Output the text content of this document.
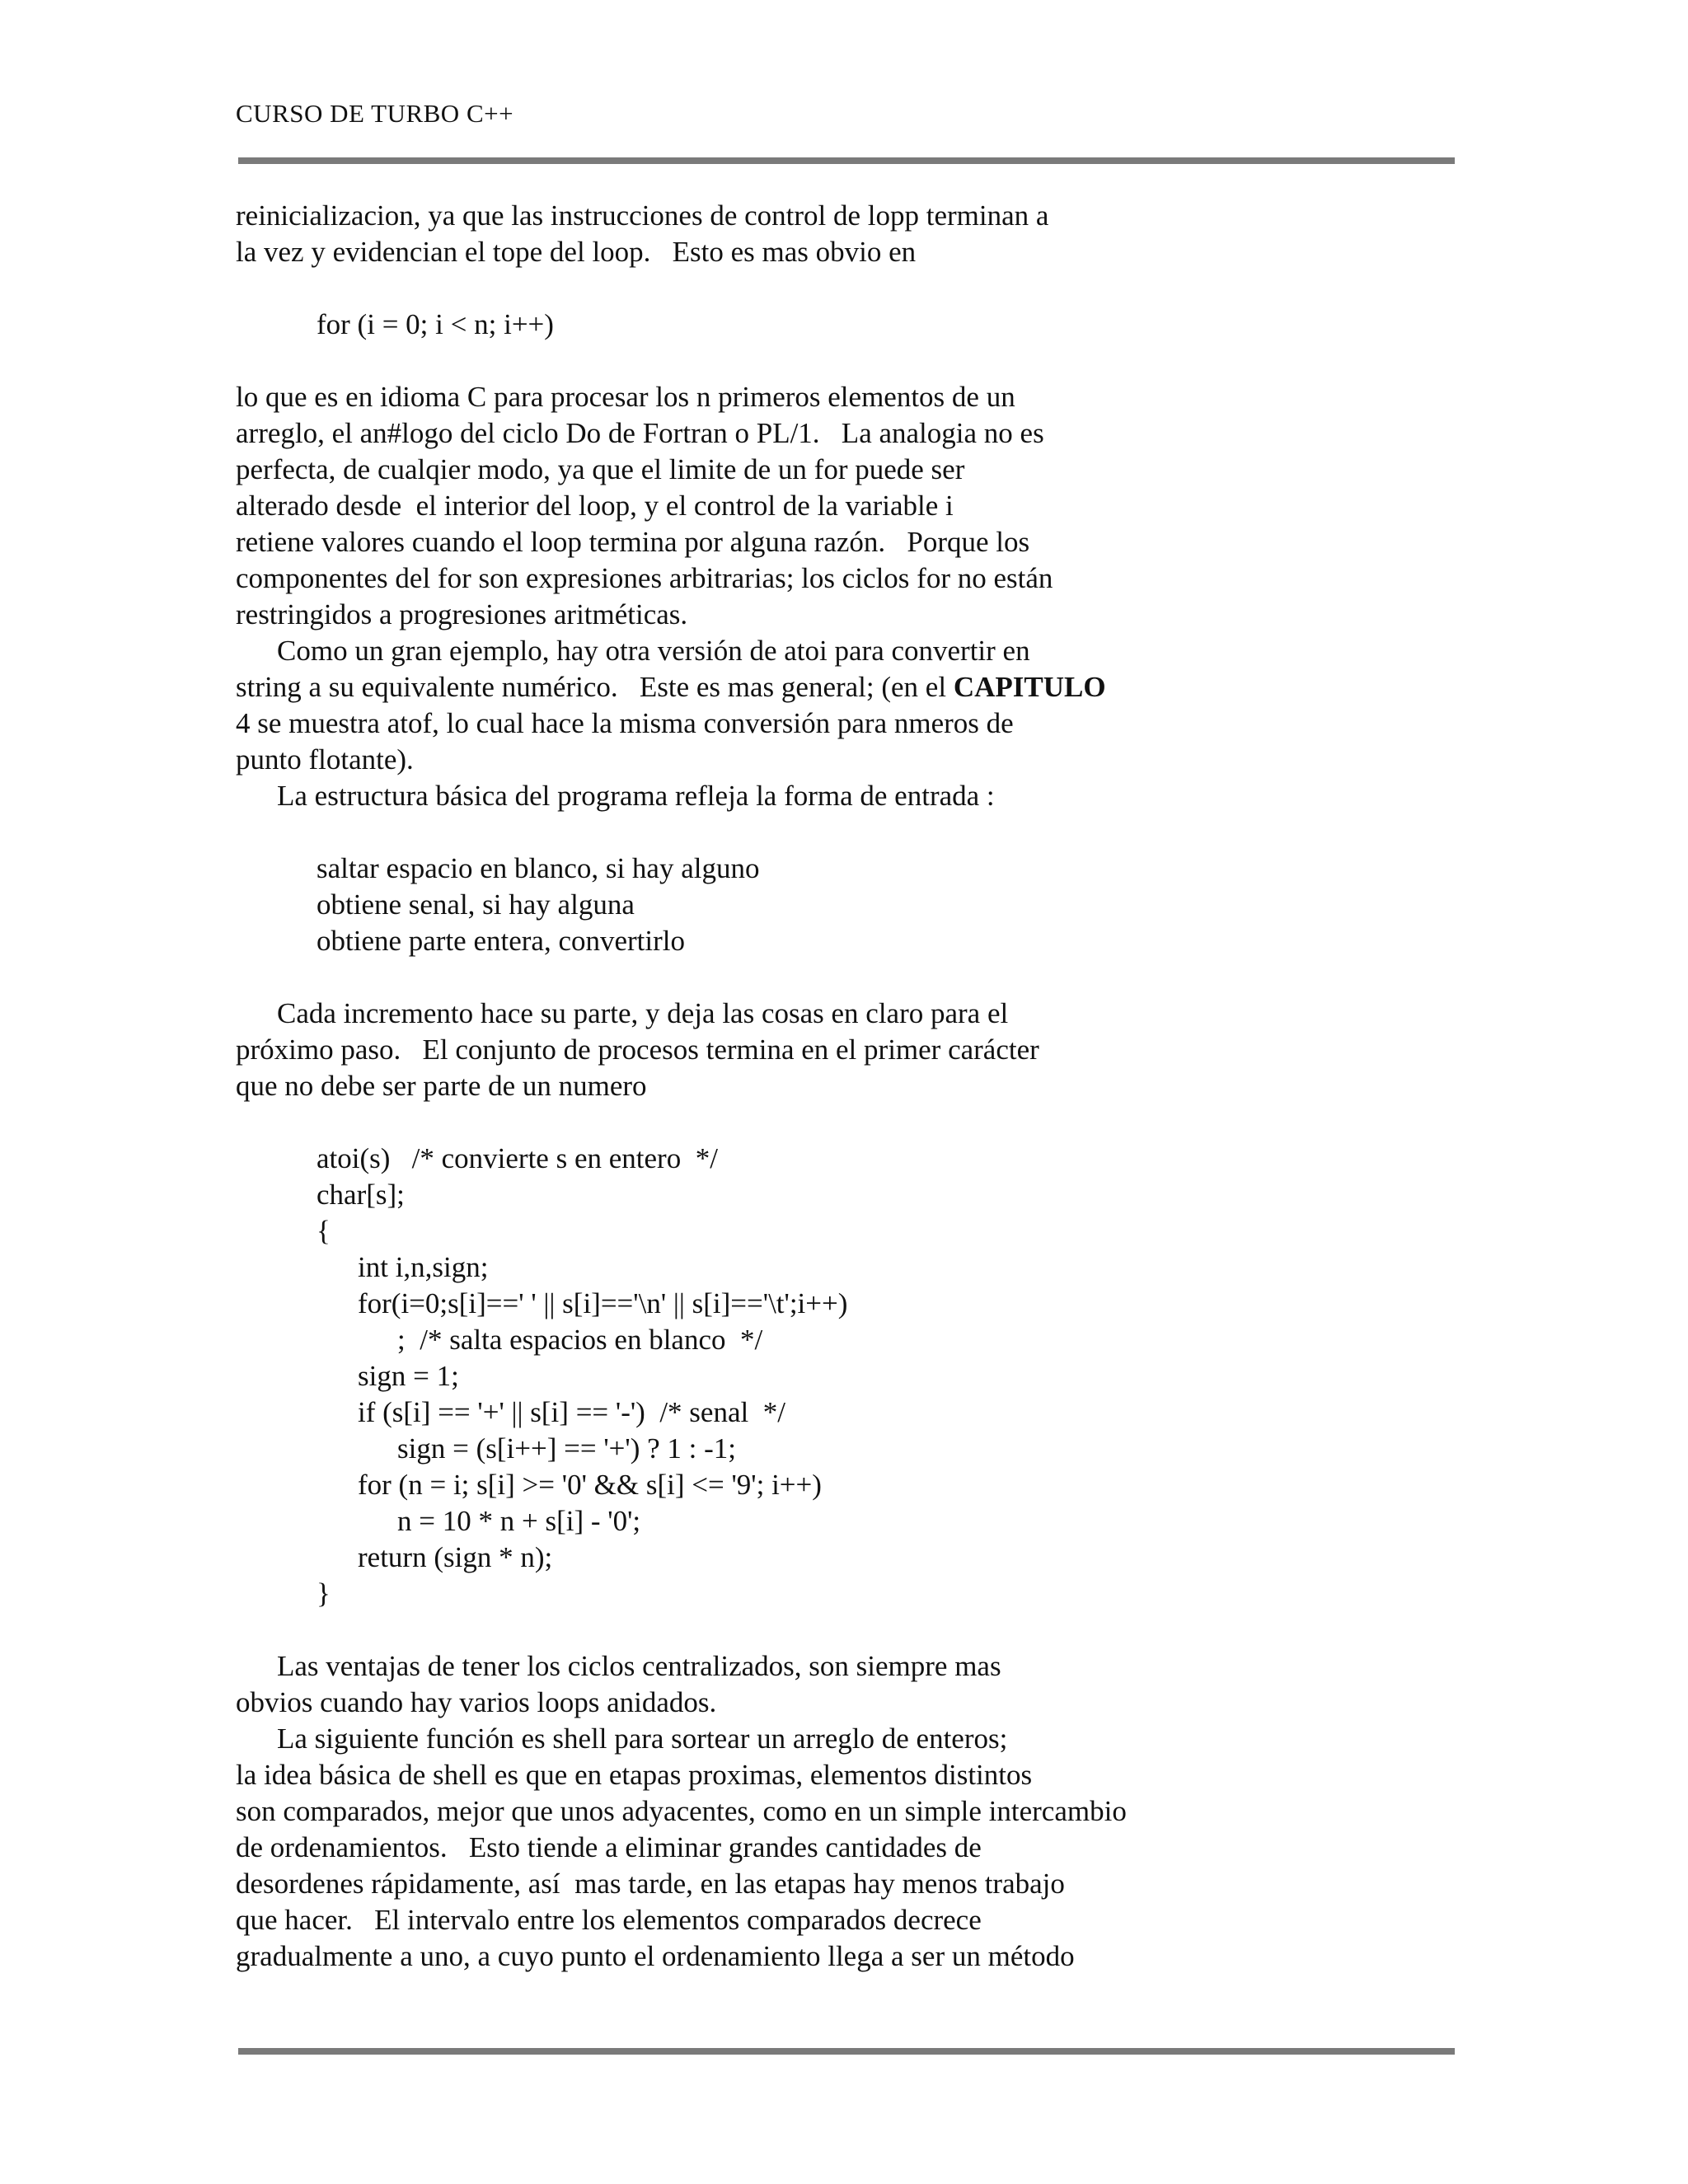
CURSO DE TURBO C++
reinicializacion, ya que las instrucciones de control de lopp terminan a
la vez y evidencian el tope del loop.   Esto es mas obvio en
for (i = 0; i < n; i++)
lo que es en idioma C para procesar los n primeros elementos de un
arreglo, el an#logo del ciclo Do de Fortran o PL/1.   La analogia no es
perfecta, de cualqier modo, ya que el limite de un for puede ser
alterado desde  el interior del loop, y el control de la variable i
retiene valores cuando el loop termina por alguna razón.   Porque los
componentes del for son expresiones arbitrarias; los ciclos for no están
restringidos a progresiones aritméticas.
Como un gran ejemplo, hay otra versión de atoi para convertir en
string a su equivalente numérico.   Este es mas general; (en el CAPITULO
4 se muestra atof, lo cual hace la misma conversión para nmeros de
punto flotante).
La estructura básica del programa refleja la forma de entrada :
saltar espacio en blanco, si hay alguno
obtiene senal, si hay alguna
obtiene parte entera, convertirlo
Cada incremento hace su parte, y deja las cosas en claro para el
próximo paso.   El conjunto de procesos termina en el primer carácter
que no debe ser parte de un numero
atoi(s)   /* convierte s en entero  */
char[s];
{
int i,n,sign;
for(i=0;s[i]==' ' || s[i]=='\n' || s[i]=='\t';i++)
;  /* salta espacios en blanco  */
sign = 1;
if (s[i] == '+' || s[i] == '-')  /* senal  */
sign = (s[i++] == '+') ? 1 : -1;
for (n = i; s[i] >= '0' && s[i] <= '9'; i++)
n = 10 * n + s[i] - '0';
return (sign * n);
}
Las ventajas de tener los ciclos centralizados, son siempre mas
obvios cuando hay varios loops anidados.
La siguiente función es shell para sortear un arreglo de enteros;
la idea básica de shell es que en etapas proximas, elementos distintos
son comparados, mejor que unos adyacentes, como en un simple intercambio
de ordenamientos.   Esto tiende a eliminar grandes cantidades de
desordenes rápidamente, así  mas tarde, en las etapas hay menos trabajo
que hacer.   El intervalo entre los elementos comparados decrece
gradualmente a uno, a cuyo punto el ordenamiento llega a ser un método
